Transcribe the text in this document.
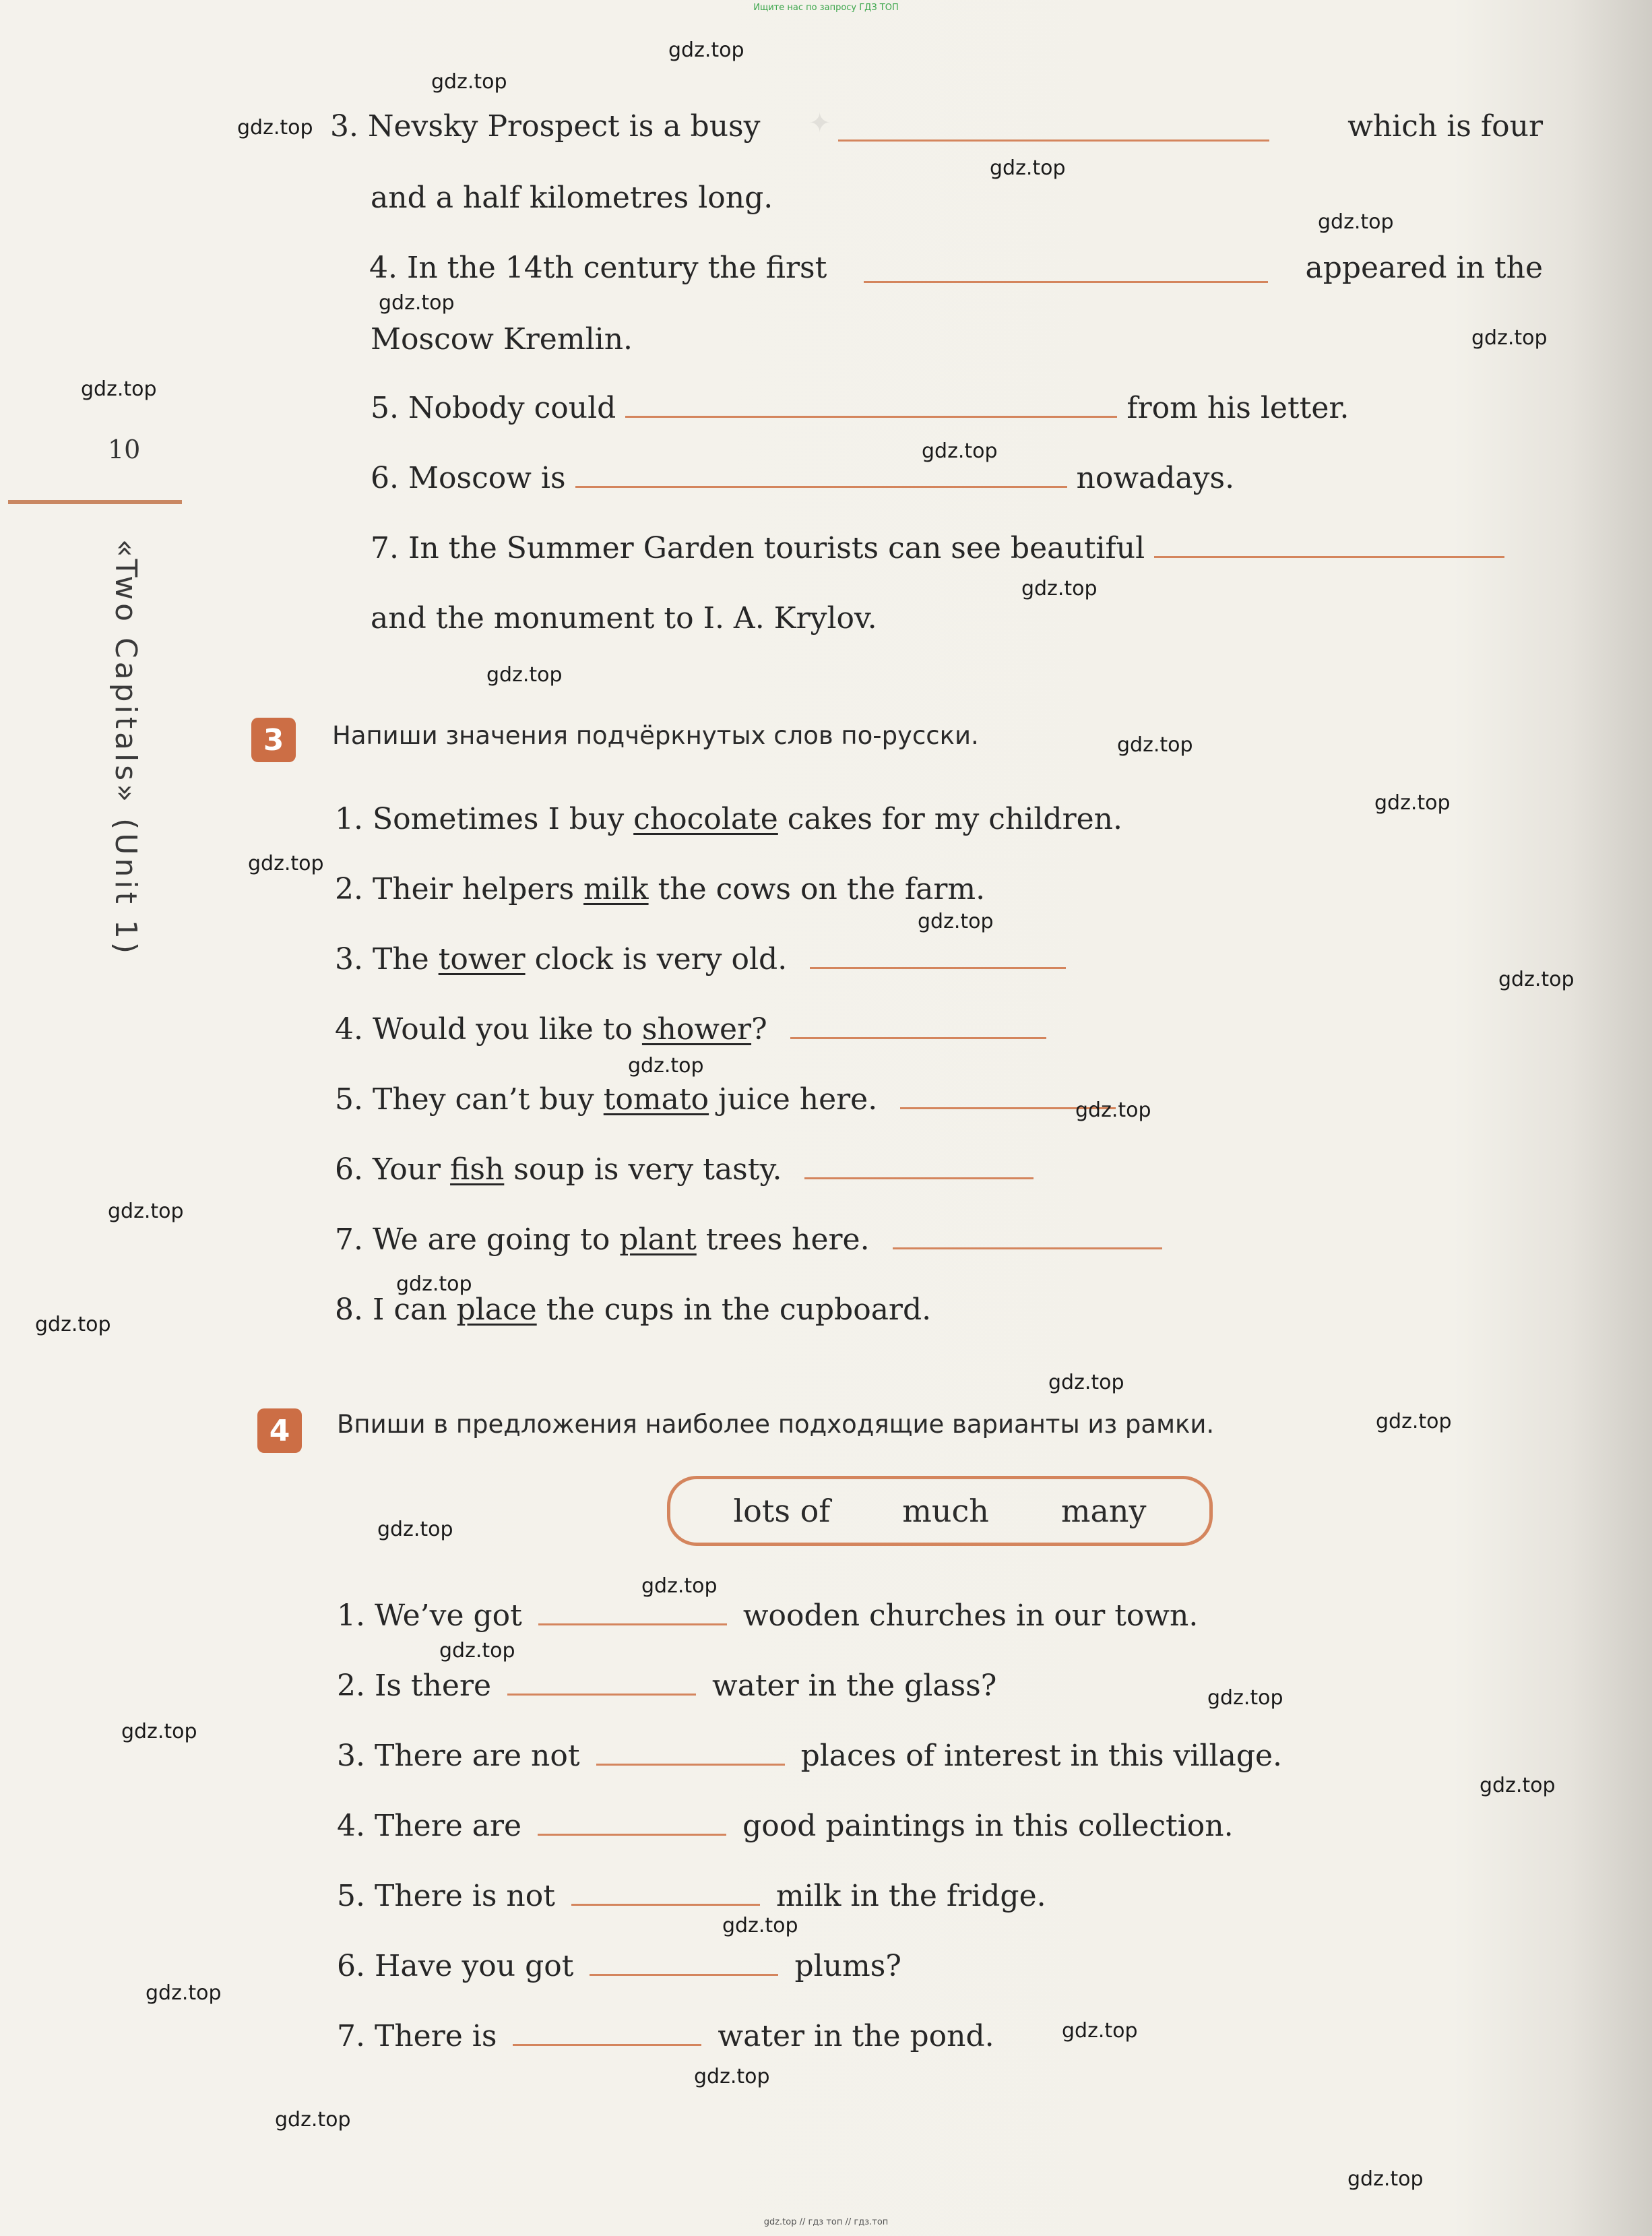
Ищите нас по запросу ГДЗ ТОП
✦
10
«Two Capitals» (Unit 1)
3. Nevsky Prospect is a busy	which is four
and a half kilometres long.
4. In the 14th century the first	appeared in the
Moscow Kremlin.
5. Nobody could	from his letter.
6. Moscow is	nowadays.
7. In the Summer Garden tourists can see beautiful
and the monument to I. A. Krylov.
3	Напиши значения подчёркнутых слов по-русски.
1. Sometimes I buy chocolate cakes for my children.
2. Their helpers milk the cows on the farm.
3. The tower clock is very old.
4. Would you like to shower?
5. They can’t buy tomato juice here.
6. Your fish soup is very tasty.
7. We are going to plant trees here.
8. I can place the cups in the cupboard.
4	Впиши в предложения наиболее подходящие варианты из рамки.
lots of much many
1. We’ve got	wooden churches in our town.
2. Is there	water in the glass?
3. There are not	places of interest in this village.
4. There are	good paintings in this collection.
5. There is not	milk in the fridge.
6. Have you got	plums?
7. There is	water in the pond.
gdz.top
gdz.top
gdz.top
gdz.top
gdz.top
gdz.top
gdz.top
gdz.top
gdz.top
gdz.top
gdz.top
gdz.top
gdz.top
gdz.top
gdz.top
gdz.top
gdz.top
gdz.top
gdz.top
gdz.top
gdz.top
gdz.top
gdz.top
gdz.top
gdz.top
gdz.top
gdz.top
gdz.top
gdz.top
gdz.top
gdz.top
gdz.top
gdz.top
gdz.top
gdz.top
gdz.top // гдз топ // гдз.топ
